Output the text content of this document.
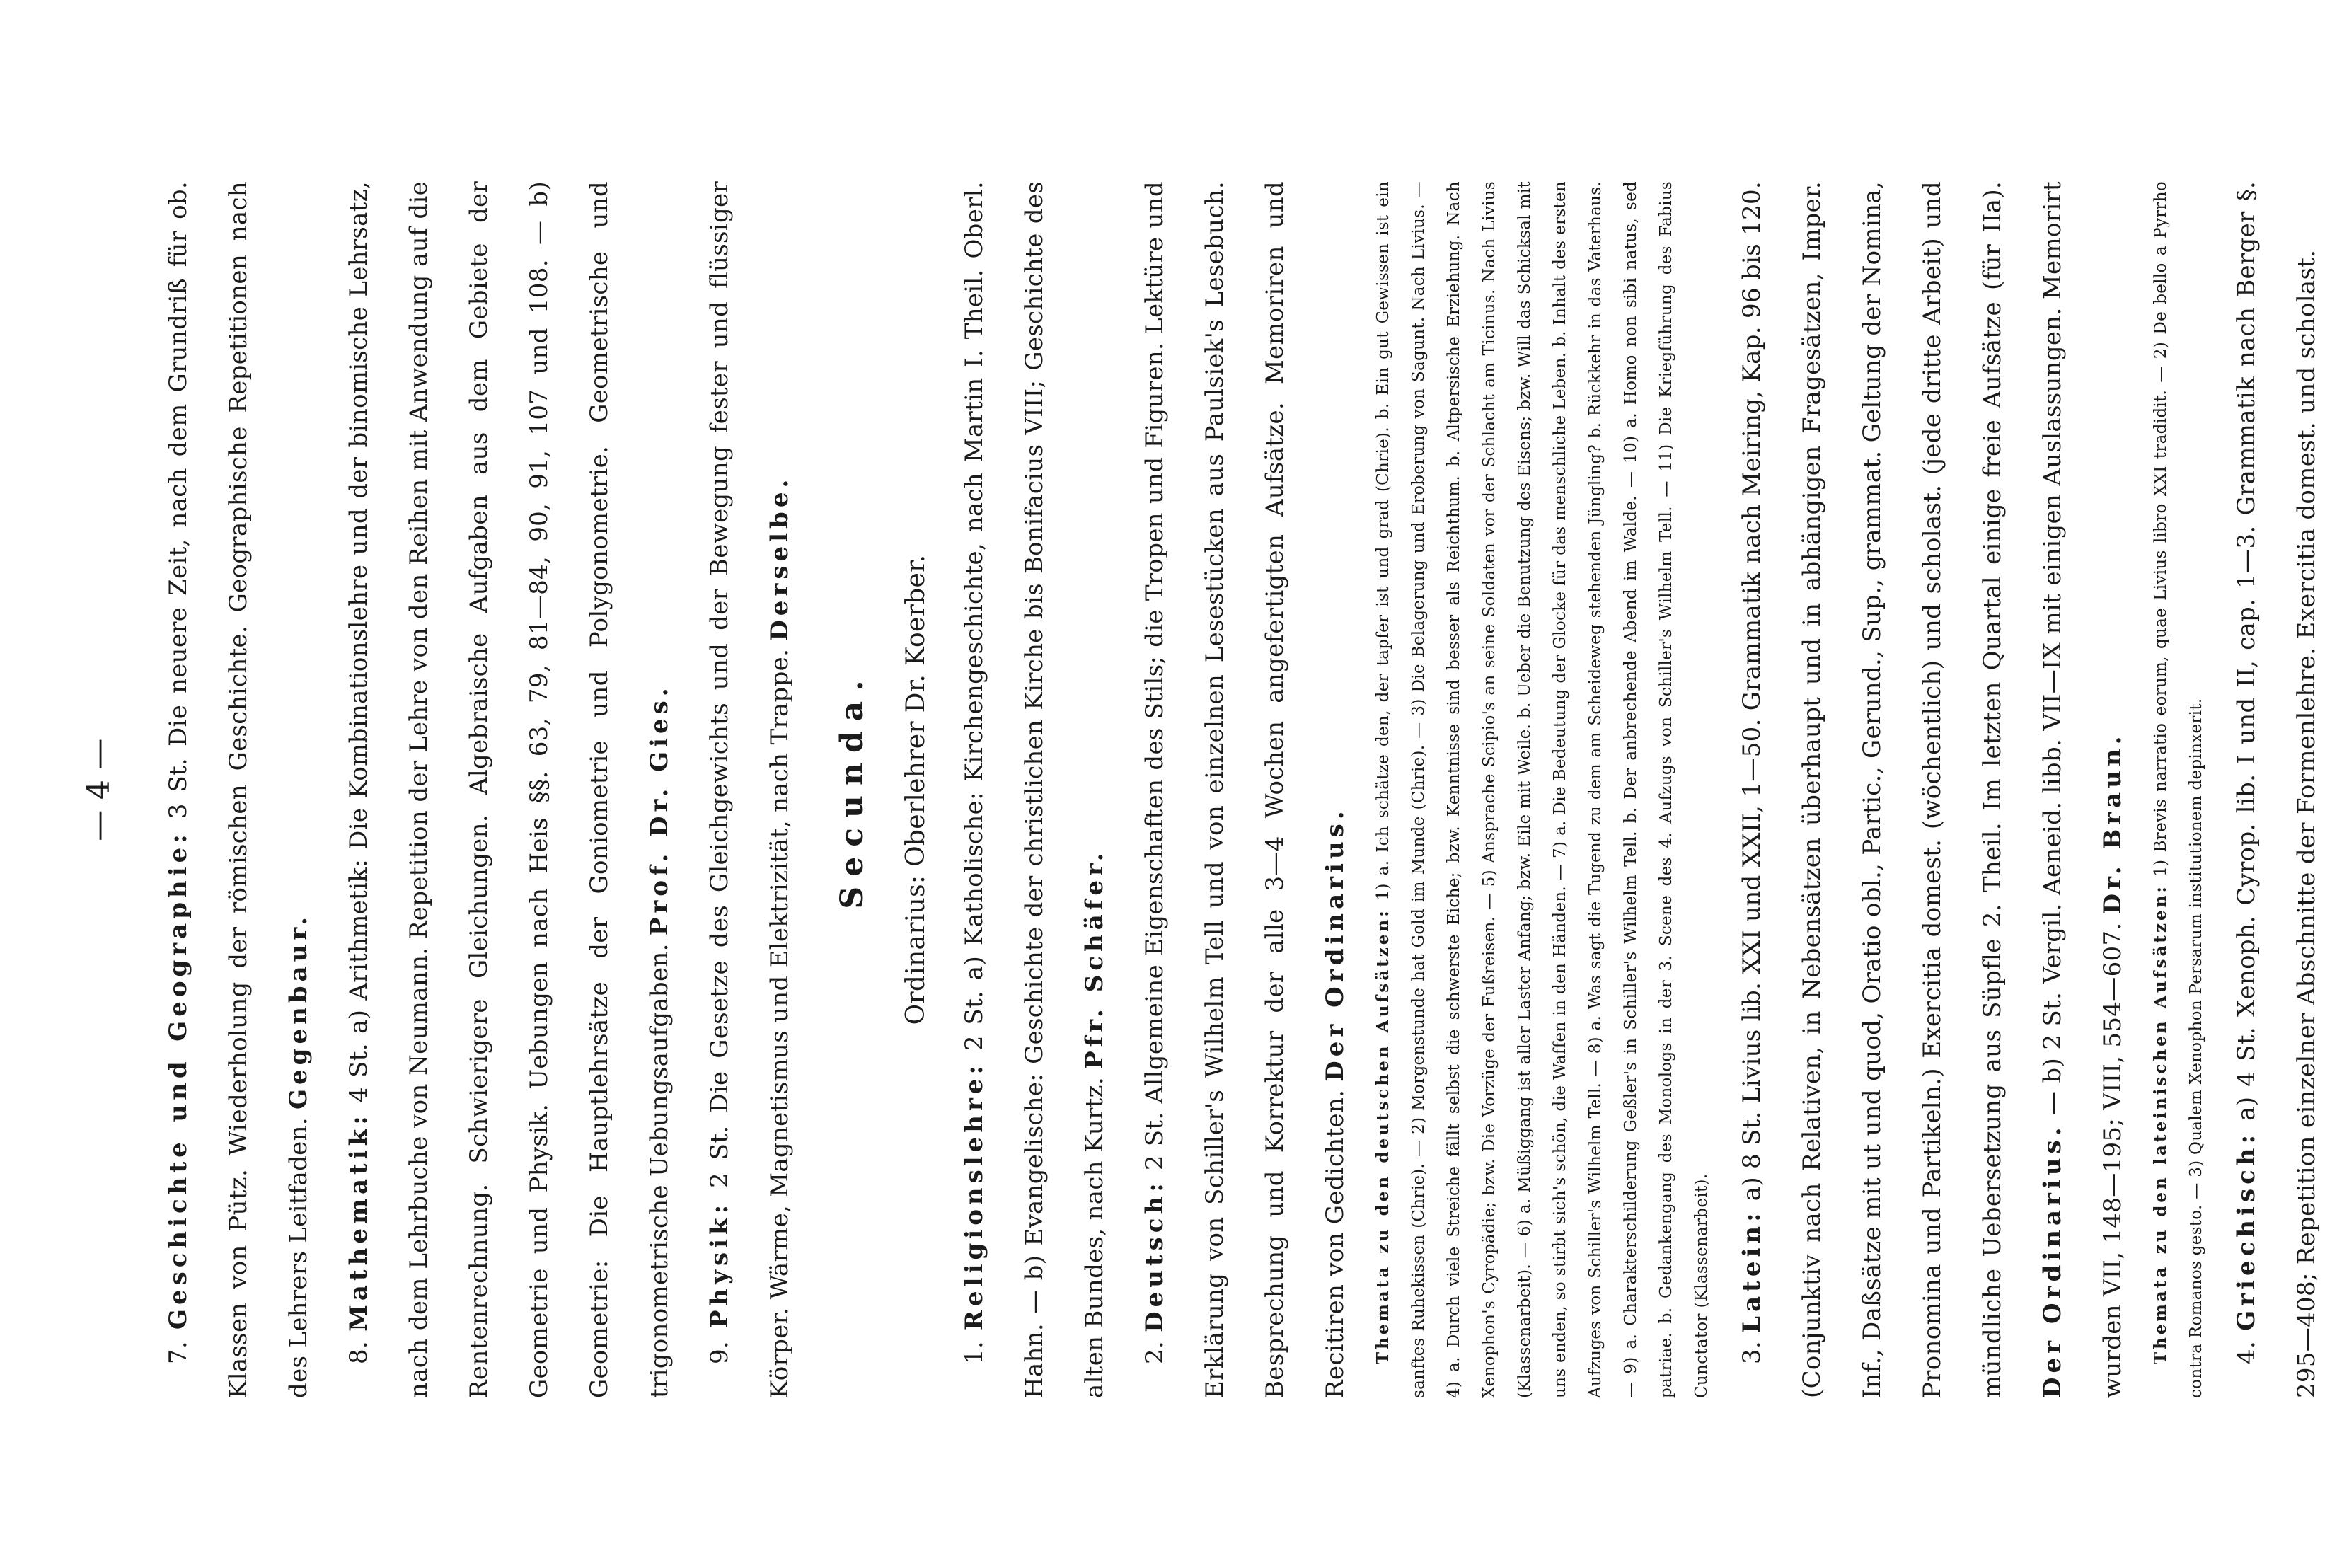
— 4 —

7. Geschichte und Geographie: 3 St. Die neuere Zeit, nach dem Grundriß für ob. Klassen von Pütz. Wiederholung der römischen Geschichte. Geographische Repetitionen nach des Lehrers Leitfaden. Gegenbaur.

8. Mathematik: 4 St. a) Arithmetik: Die Kombinationslehre und der binomische Lehrsatz, nach dem Lehrbuche von Neumann. Repetition der Lehre von den Reihen mit Anwendung auf die Rentenrechnung. Schwierigere Gleichungen. Algebraische Aufgaben aus dem Gebiete der Geometrie und Physik. Uebungen nach Heis §§. 63, 79, 81—84, 90, 91, 107 und 108. — b) Geometrie: Die Hauptlehrsätze der Goniometrie und Polygonometrie. Geometrische und trigonometrische Uebungsaufgaben. Prof. Dr. Gies.

9. Physik: 2 St. Die Gesetze des Gleichgewichts und der Bewegung fester und flüssiger Körper. Wärme, Magnetismus und Elektrizität, nach Trappe. Derselbe.

Secunda.	Ordinarius: Oberlehrer Dr. Koerber.

1. Religionslehre: 2 St. a) Katholische: Kirchengeschichte, nach Martin I. Theil. Oberl. Hahn. — b) Evangelische: Geschichte der christlichen Kirche bis Bonifacius VIII; Geschichte des alten Bundes, nach Kurtz. Pfr. Schäfer.

2. Deutsch: 2 St. Allgemeine Eigenschaften des Stils; die Tropen und Figuren. Lektüre und Erklärung von Schiller's Wilhelm Tell und von einzelnen Lesestücken aus Paulsiek's Lesebuch. Besprechung und Korrektur der alle 3—4 Wochen angefertigten Aufsätze. Memoriren und Recitiren von Gedichten. Der Ordinarius.	Themata zu den deutschen Aufsätzen: 1) a. Ich schätze den, der tapfer ist und grad (Chrie). b. Ein gut Gewissen ist ein sanftes Ruhekissen (Chrie). — 2) Morgenstunde hat Gold im Munde (Chrie). — 3) Die Belagerung und Eroberung von Sagunt. Nach Livius. — 4) a. Durch viele Streiche fällt selbst die schwerste Eiche; bzw. Kenntnisse sind besser als Reichthum. b. Altpersische Erziehung. Nach Xenophon's Cyropädie; bzw. Die Vorzüge der Fußreisen. — 5) Ansprache Scipio's an seine Soldaten vor der Schlacht am Ticinus. Nach Livius (Klassenarbeit). — 6) a. Müßiggang ist aller Laster Anfang; bzw. Eile mit Weile. b. Ueber die Benutzung des Eisens; bzw. Will das Schicksal mit uns enden, so stirbt sich's schön, die Waffen in den Händen. — 7) a. Die Bedeutung der Glocke für das menschliche Leben. b. Inhalt des ersten Aufzuges von Schiller's Wilhelm Tell. — 8) a. Was sagt die Tugend zu dem am Scheideweg stehenden Jüngling? b. Rückkehr in das Vaterhaus. — 9) a. Charakterschilderung Geßler's in Schiller's Wilhelm Tell. b. Der anbrechende Abend im Walde. — 10) a. Homo non sibi natus, sed patriae. b. Gedankengang des Monologs in der 3. Scene des 4. Aufzugs von Schiller's Wilhelm Tell. — 11) Die Kriegführung des Fabius Cunctator (Klassenarbeit).	3. Latein: a) 8 St. Livius lib. XXI und XXII, 1—50. Grammatik nach Meiring, Kap. 96 bis 120. (Conjunktiv nach Relativen, in Nebensätzen überhaupt und in abhängigen Fragesätzen, Imper. Inf., Daßsätze mit ut und quod, Oratio obl., Partic., Gerund., Sup., grammat. Geltung der Nomina, Pronomina und Partikeln.) Exercitia domest. (wöchentlich) und scholast. (jede dritte Arbeit) und mündliche Uebersetzung aus Süpfle 2. Theil. Im letzten Quartal einige freie Aufsätze (für IIa). Der Ordinarius. — b) 2 St. Vergil. Aeneid. libb. VII—IX mit einigen Auslassungen. Memorirt wurden VII, 148—195; VIII, 554—607. Dr. Braun.

Themata zu den lateinischen Aufsätzen: 1) Brevis narratio eorum, quae Livius libro XXI tradidit. — 2) De bello a Pyrrho contra Romanos gesto. — 3) Qualem Xenophon Persarum institutionem depinxerit.	4. Griechisch: a) 4 St. Xenoph. Cyrop. lib. I und II, cap. 1—3. Grammatik nach Berger §. 295—408; Repetition einzelner Abschnitte der Formenlehre. Exercitia domest. und scholast.
